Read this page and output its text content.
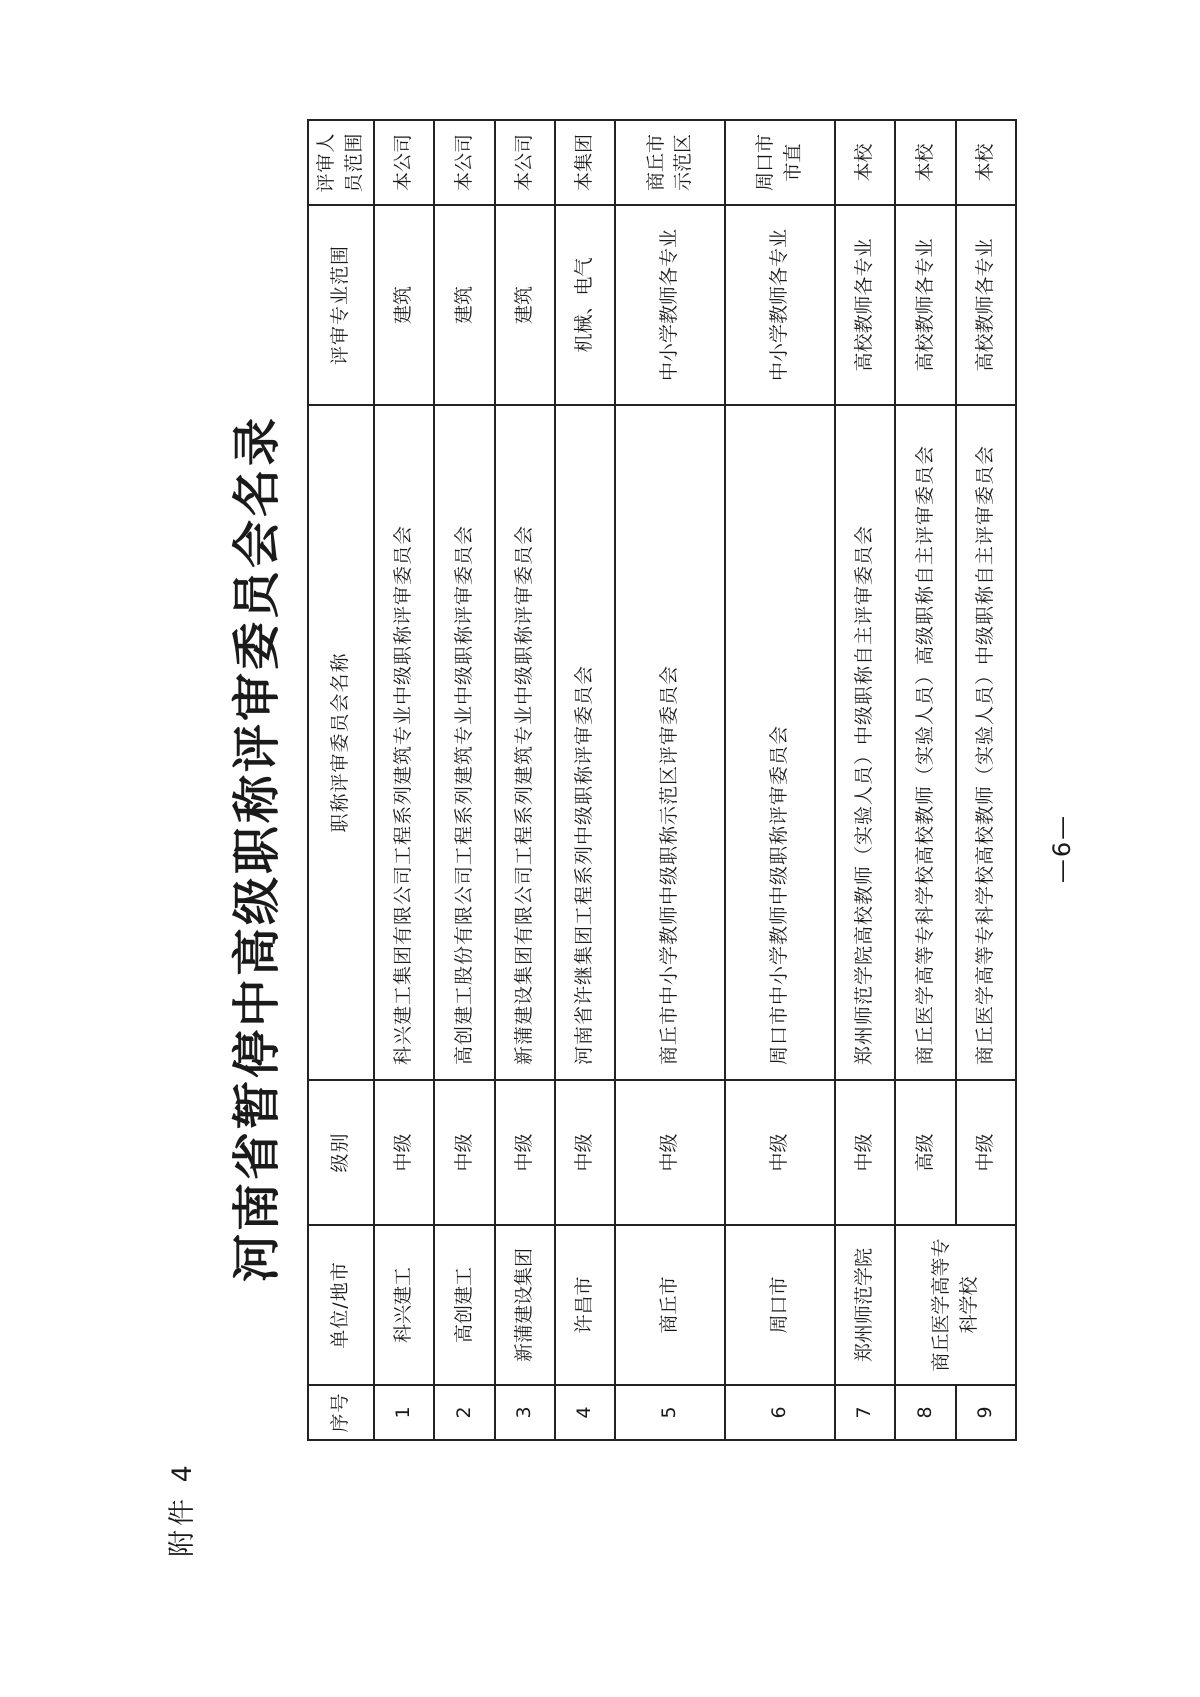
附件 4
河南省暂停中高级职称评审委员会名录
序号	单位/地市	级别	职称评审委员会名称	评审专业范围	评审人员范围
1	科兴建工	中级	科兴建工集团有限公司工程系列建筑专业中级职称评审委员会	建筑	本公司
2	高创建工	中级	高创建工股份有限公司工程系列建筑专业中级职称评审委员会	建筑	本公司
3	新蒲建设集团	中级	新蒲建设集团有限公司工程系列建筑专业中级职称评审委员会	建筑	本公司
4	许昌市	中级	河南省许继集团工程系列中级职称评审委员会	机械、电气	本集团
5	商丘市	中级	商丘市中小学教师中级职称示范区评审委员会	中小学教师各专业	商丘市示范区
6	周口市	中级	周口市中小学教师中级职称评审委员会	中小学教师各专业	周口市市直
7	郑州师范学院	中级	郑州师范学院高校教师（实验人员）中级职称自主评审委员会	高校教师各专业	本校
8	商丘医学高等专科学校	高级	商丘医学高等专科学校高校教师（实验人员）高级职称自主评审委员会	高校教师各专业	本校
9		中级	商丘医学高等专科学校高校教师（实验人员）中级职称自主评审委员会	高校教师各专业	本校
—6—
